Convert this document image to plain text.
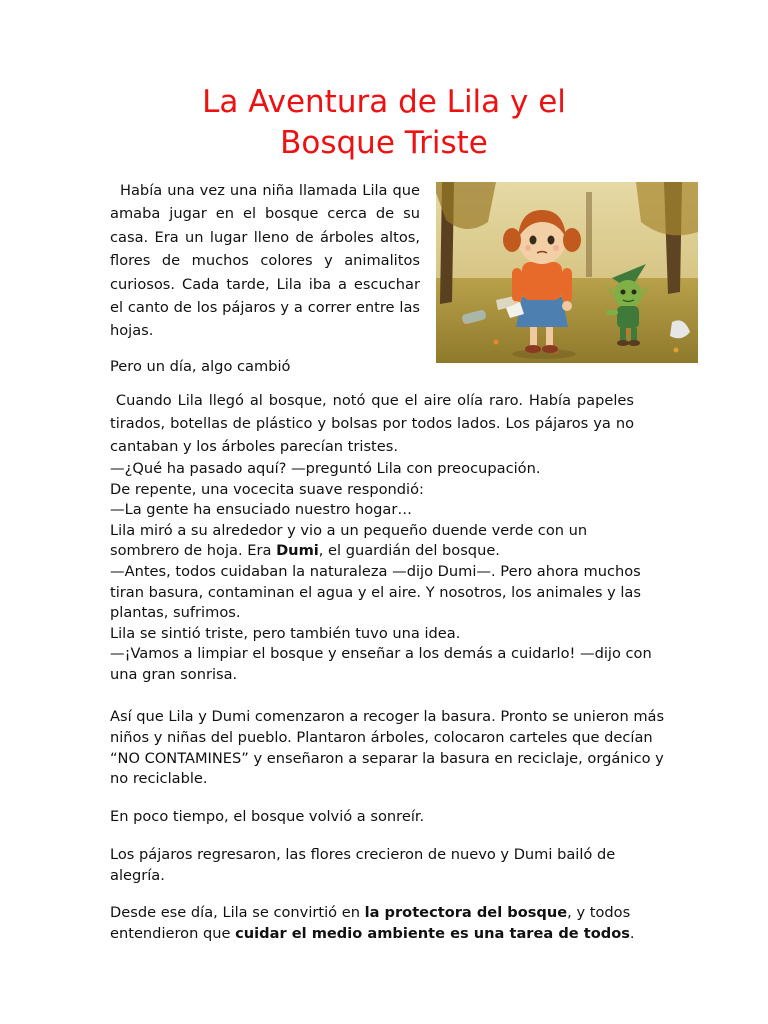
La Aventura de Lila y el
Bosque Triste

Había una vez una niña llamada Lila que amaba jugar en el bosque cerca de su casa. Era un lugar lleno de árboles altos, flores de muchos colores y animalitos curiosos. Cada tarde, Lila iba a escuchar el canto de los pájaros y a correr entre las hojas.

Pero un día, algo cambió

Cuando Lila llegó al bosque, notó que el aire olía raro. Había papeles tirados, botellas de plástico y bolsas por todos lados. Los pájaros ya no cantaban y los árboles parecían tristes.

—¿Qué ha pasado aquí? —preguntó Lila con preocupación.
De repente, una vocecita suave respondió:
—La gente ha ensuciado nuestro hogar…
Lila miró a su alrededor y vio a un pequeño duende verde con un
sombrero de hoja. Era Dumi, el guardián del bosque.
—Antes, todos cuidaban la naturaleza —dijo Dumi—. Pero ahora muchos
tiran basura, contaminan el agua y el aire. Y nosotros, los animales y las
plantas, sufrimos.
Lila se sintió triste, pero también tuvo una idea.
—¡Vamos a limpiar el bosque y enseñar a los demás a cuidarlo! —dijo con
una gran sonrisa.

Así que Lila y Dumi comenzaron a recoger la basura. Pronto se unieron más niños y niñas del pueblo. Plantaron árboles, colocaron carteles que decían “NO CONTAMINES” y enseñaron a separar la basura en reciclaje, orgánico y no reciclable.

En poco tiempo, el bosque volvió a sonreír.

Los pájaros regresaron, las flores crecieron de nuevo y Dumi bailó de alegría.

Desde ese día, Lila se convirtió en la protectora del bosque, y todos entendieron que cuidar el medio ambiente es una tarea de todos.
